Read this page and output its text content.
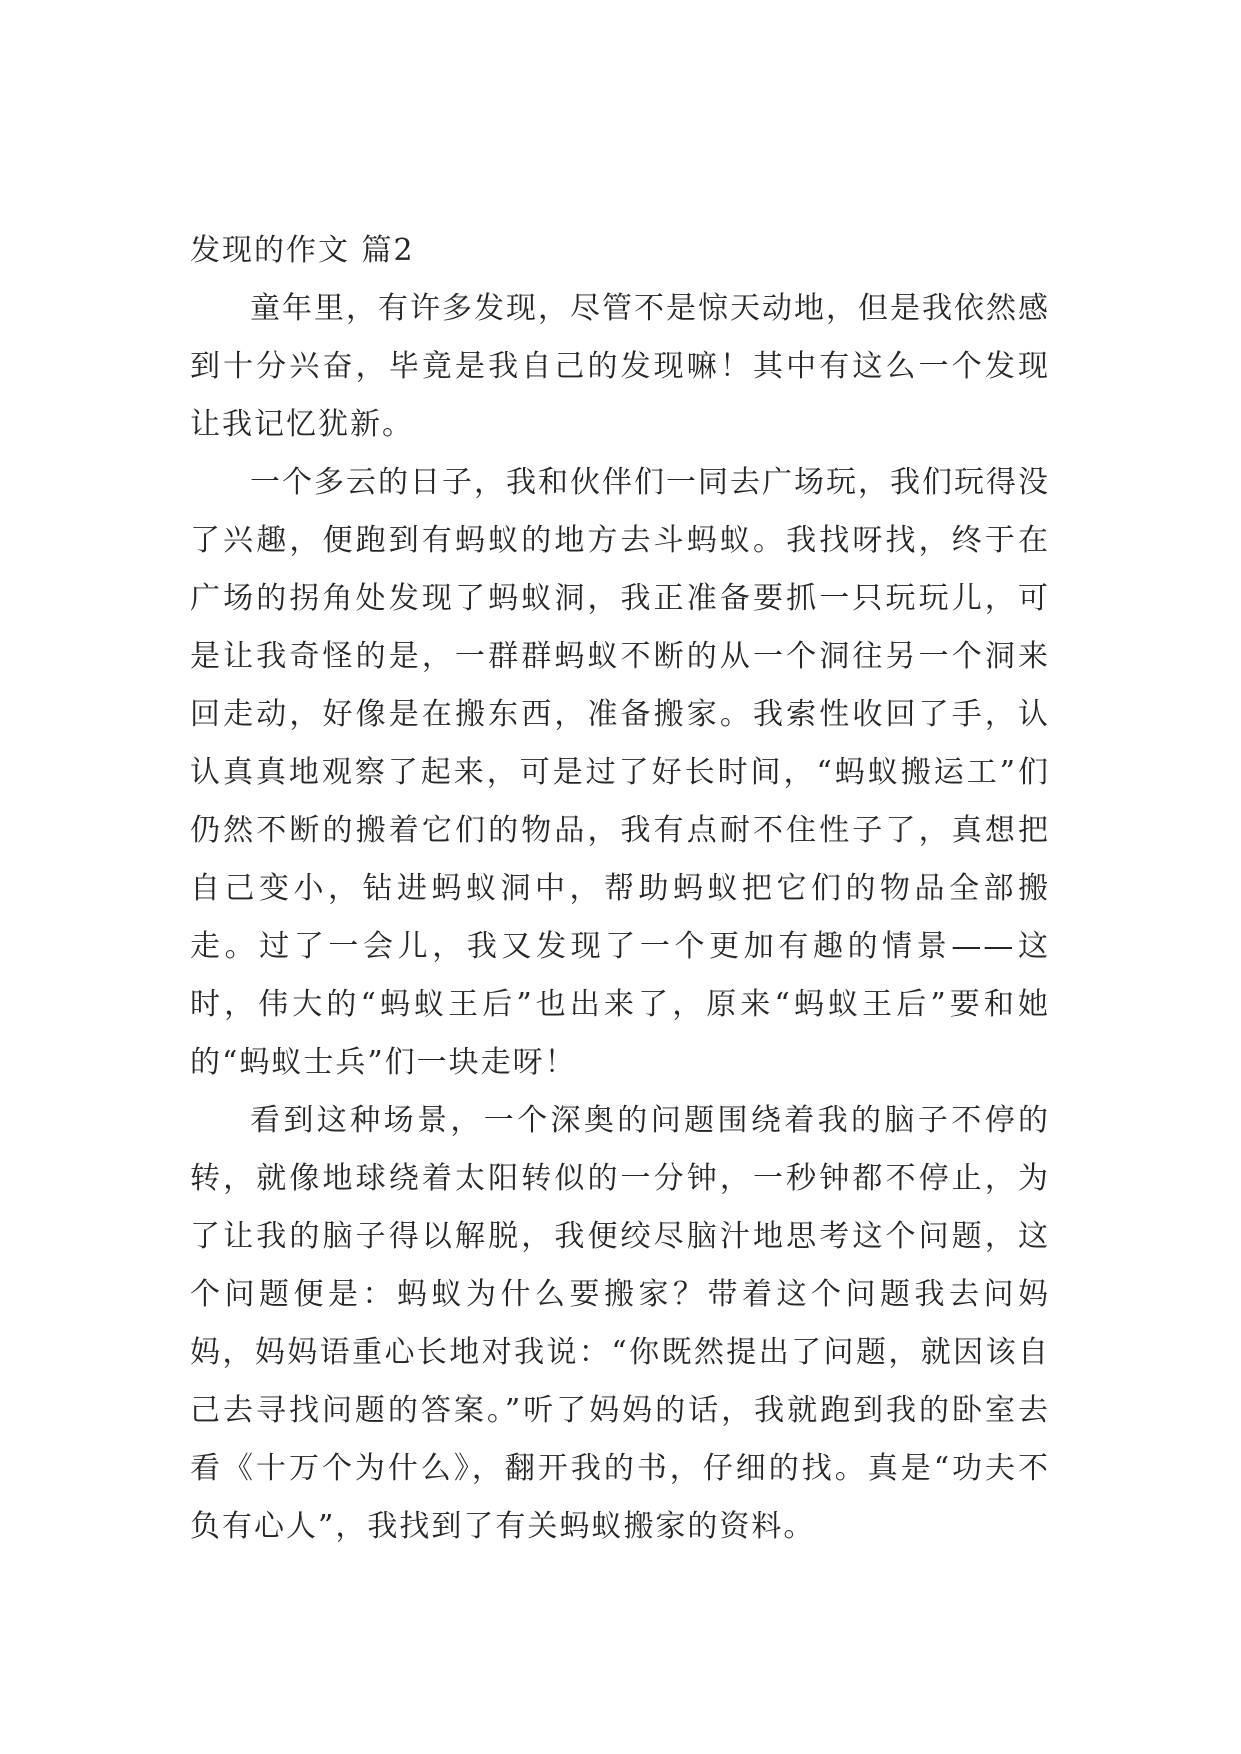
发现的作文 篇2

童年里，有许多发现，尽管不是惊天动地，但是我依然感到十分兴奋，毕竟是我自己的发现嘛！其中有这么一个发现让我记忆犹新。

一个多云的日子，我和伙伴们一同去广场玩，我们玩得没了兴趣，便跑到有蚂蚁的地方去斗蚂蚁。我找呀找，终于在广场的拐角处发现了蚂蚁洞，我正准备要抓一只玩玩儿，可是让我奇怪的是，一群群蚂蚁不断的从一个洞往另一个洞来回走动，好像是在搬东西，准备搬家。我索性收回了手，认认真真地观察了起来，可是过了好长时间，“蚂蚁搬运工”们仍然不断的搬着它们的物品，我有点耐不住性子了，真想把自己变小，钻进蚂蚁洞中，帮助蚂蚁把它们的物品全部搬走。过了一会儿，我又发现了一个更加有趣的情景——这时，伟大的“蚂蚁王后”也出来了，原来“蚂蚁王后”要和她的“蚂蚁士兵”们一块走呀！

看到这种场景，一个深奥的问题围绕着我的脑子不停的转，就像地球绕着太阳转似的一分钟，一秒钟都不停止，为了让我的脑子得以解脱，我便绞尽脑汁地思考这个问题，这个问题便是：蚂蚁为什么要搬家？带着这个问题我去问妈妈，妈妈语重心长地对我说：“你既然提出了问题，就因该自己去寻找问题的答案。”听了妈妈的话，我就跑到我的卧室去看《十万个为什么》，翻开我的书，仔细的找。真是“功夫不负有心人”，我找到了有关蚂蚁搬家的资料。
